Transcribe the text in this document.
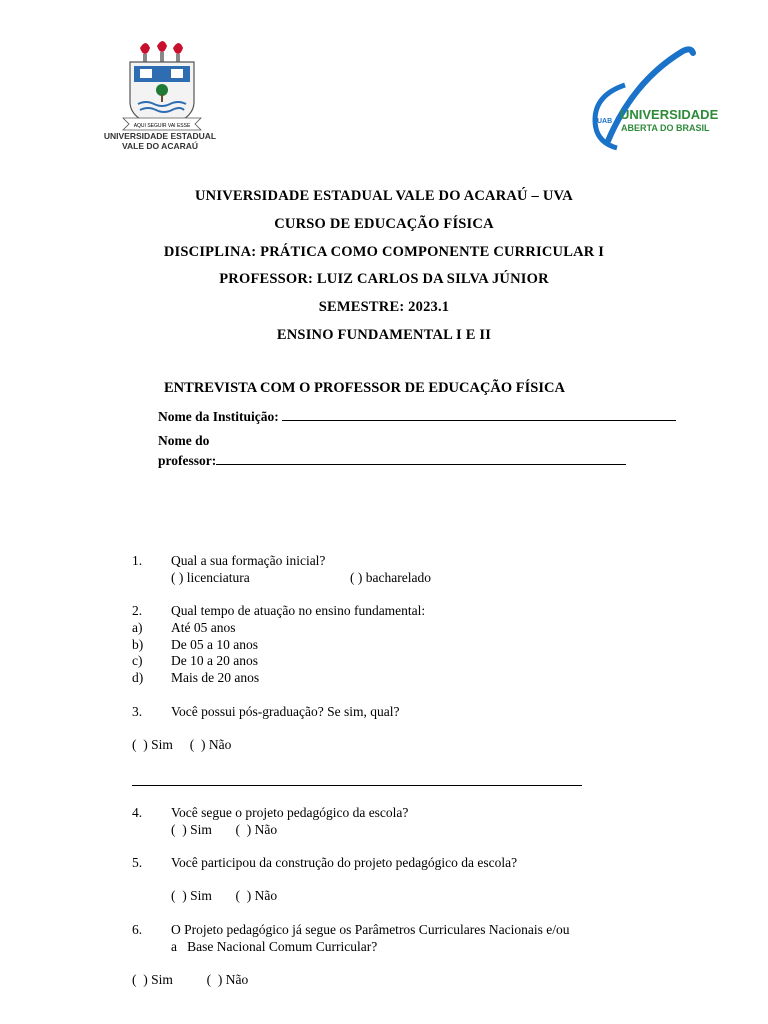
AQUI SEGUIR VAI ESSE
UNIVERSIDADE ESTADUAL VALE DO ACARAÚ
UAB UNIVERSIDADE
ABERTA DO BRASIL
UNIVERSIDADE ESTADUAL VALE DO ACARAÚ – UVA
CURSO DE EDUCAÇÃO FÍSICA
DISCIPLINA: PRÁTICA COMO COMPONENTE CURRICULAR I
PROFESSOR: LUIZ CARLOS DA SILVA JÚNIOR
SEMESTRE: 2023.1
ENSINO FUNDAMENTAL I E II
ENTREVISTA COM O PROFESSOR DE EDUCAÇÃO FÍSICA
Nome da Instituição:
Nome do
professor:
1.	Qual a sua formação inicial?
( ) licenciatura	( ) bacharelado
2.	Qual tempo de atuação no ensino fundamental:
a)	Até 05 anos
b)	De 05 a 10 anos
c)	De 10 a 20 anos
d)	Mais de 20 anos
3.	Você possui pós-graduação? Se sim, qual?
(  ) Sim     (  ) Não
4.	Você segue o projeto pedagógico da escola?
(  ) Sim       (  ) Não
5.	Você participou da construção do projeto pedagógico da escola?
(  ) Sim       (  ) Não
6.	O Projeto pedagógico já segue os Parâmetros Curriculares Nacionais e/ou
a   Base Nacional Comum Curricular?
(  ) Sim          (  ) Não
